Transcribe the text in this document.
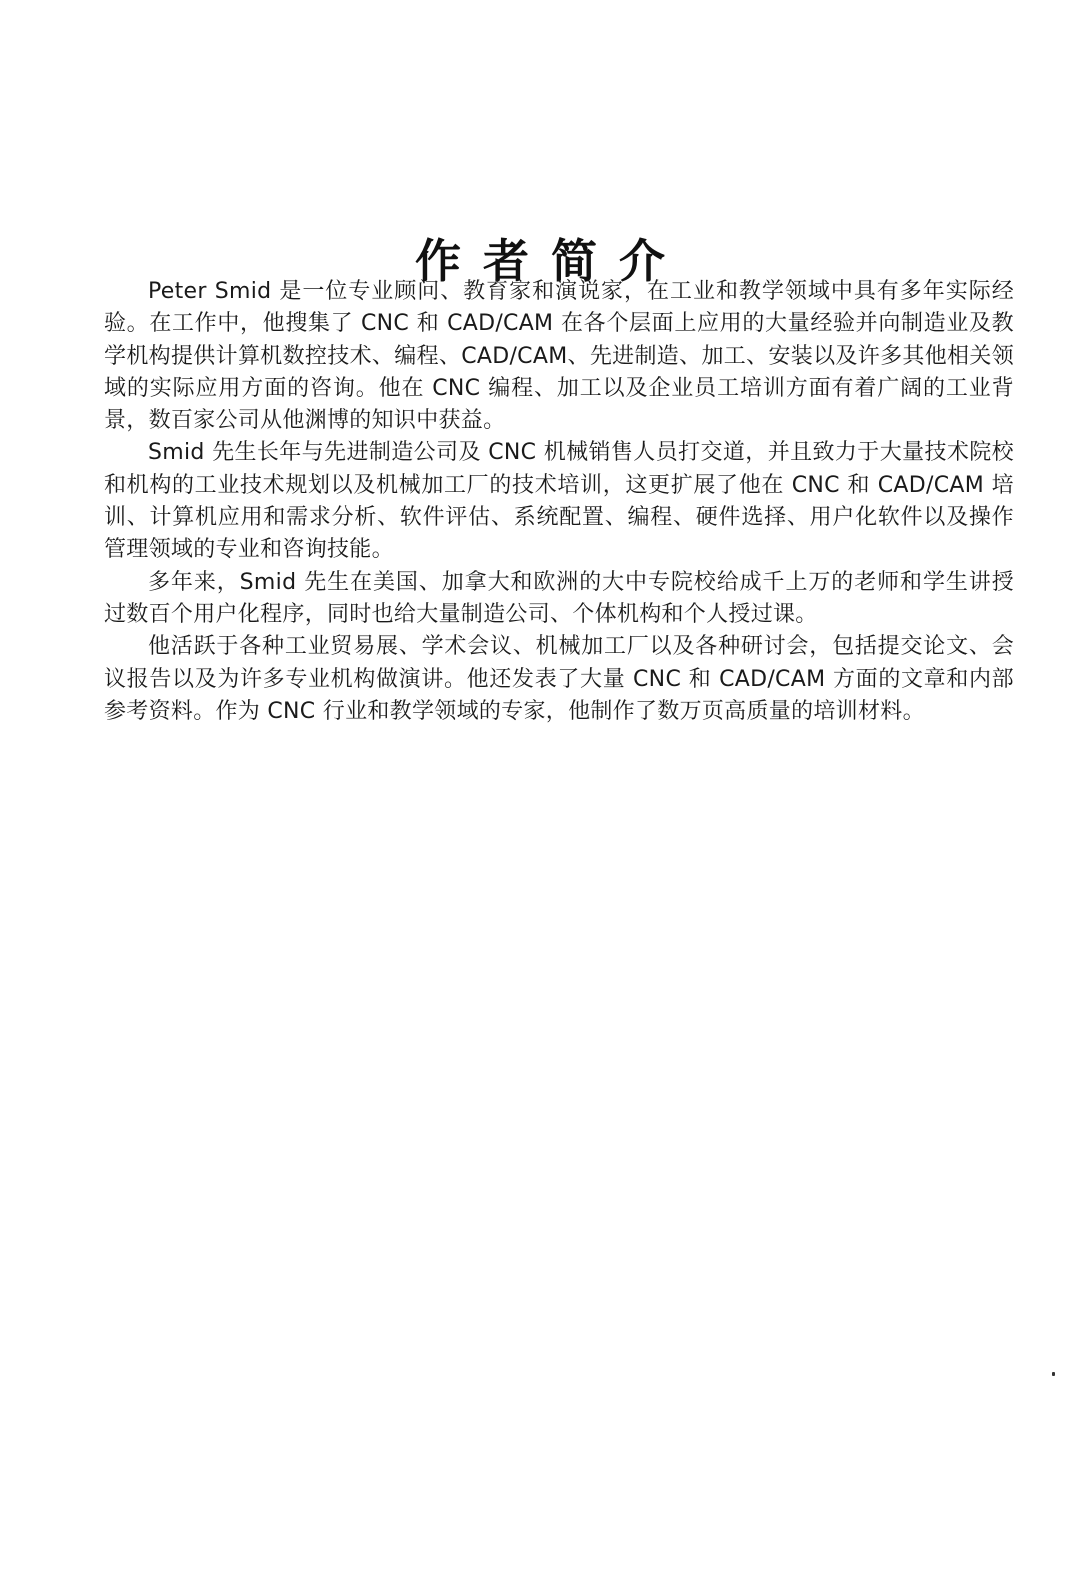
作者简介

Peter Smid 是一位专业顾问、教育家和演说家，在工业和教学领域中具有多年实际经验。在工作中，他搜集了 CNC 和 CAD/CAM 在各个层面上应用的大量经验并向制造业及教学机构提供计算机数控技术、编程、CAD/CAM、先进制造、加工、安装以及许多其他相关领域的实际应用方面的咨询。他在 CNC 编程、加工以及企业员工培训方面有着广阔的工业背景，数百家公司从他渊博的知识中获益。

Smid 先生长年与先进制造公司及 CNC 机械销售人员打交道，并且致力于大量技术院校和机构的工业技术规划以及机械加工厂的技术培训，这更扩展了他在 CNC 和 CAD/CAM 培训、计算机应用和需求分析、软件评估、系统配置、编程、硬件选择、用户化软件以及操作管理领域的专业和咨询技能。

多年来，Smid 先生在美国、加拿大和欧洲的大中专院校给成千上万的老师和学生讲授过数百个用户化程序，同时也给大量制造公司、个体机构和个人授过课。

他活跃于各种工业贸易展、学术会议、机械加工厂以及各种研讨会，包括提交论文、会议报告以及为许多专业机构做演讲。他还发表了大量 CNC 和 CAD/CAM 方面的文章和内部参考资料。作为 CNC 行业和教学领域的专家，他制作了数万页高质量的培训材料。
